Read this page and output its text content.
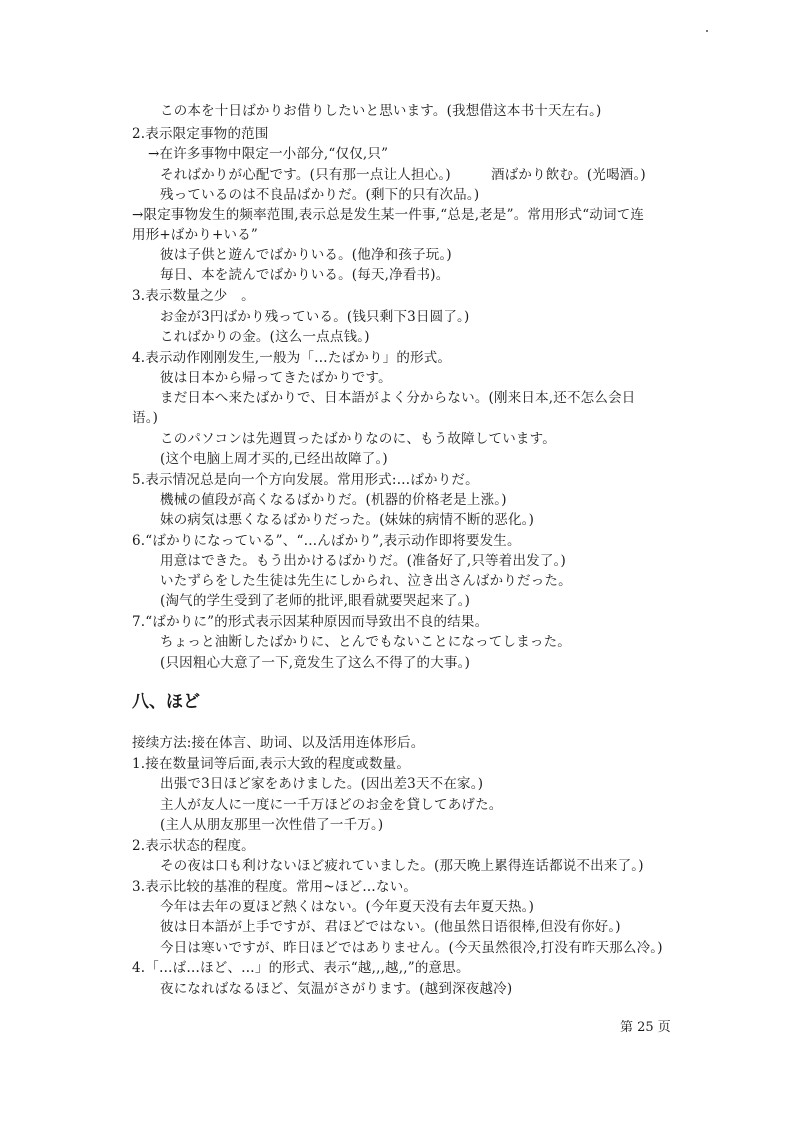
この本を十日ばかりお借りしたいと思います。(我想借这本书十天左右。)
2.表示限定事物的范围
→在许多事物中限定一小部分,“仅仅,只”
そればかりが心配です。(只有那一点让人担心。)	酒ばかり飲む。(光喝酒。)
残っているのは不良品ばかりだ。(剩下的只有次品。)
→限定事物发生的频率范围,表示总是发生某一件事,“总是,老是”。常用形式“动词て连
用形+ばかり+いる”
彼は子供と遊んでばかりいる。(他净和孩子玩。)
毎日、本を読んでばかりいる。(每天,净看书)。
3.表示数量之少　。
お金が3円ばかり残っている。(钱只剩下3日圆了。)
こればかりの金。(这么一点点钱。)
4.表示动作刚刚发生,一般为「…たばかり」的形式。
彼は日本から帰ってきたばかりです。
まだ日本へ来たばかりで、日本語がよく分からない。(刚来日本,还不怎么会日
语。)
このパソコンは先週買ったばかりなのに、もう故障しています。
(这个电脑上周才买的,已经出故障了。)
5.表示情况总是向一个方向发展。常用形式:…ばかりだ。
機械の値段が高くなるばかりだ。(机器的价格老是上涨。)
妹の病気は悪くなるばかりだった。(妹妹的病情不断的恶化。)
6.“ばかりになっている”、“…んばかり”,表示动作即将要发生。
用意はできた。もう出かけるばかりだ。(准备好了,只等着出发了。)
いたずらをした生徒は先生にしかられ、泣き出さんばかりだった。
(淘气的学生受到了老师的批评,眼看就要哭起来了。)
7.“ばかりに”的形式表示因某种原因而导致出不良的结果。
ちょっと油断したばかりに、とんでもないことになってしまった。
(只因粗心大意了一下,竟发生了这么不得了的大事。)
八、ほど
接续方法:接在体言、助词、以及活用连体形后。
1.接在数量词等后面,表示大致的程度或数量。
出張で3日ほど家をあけました。(因出差3天不在家。)
主人が友人に一度に一千万ほどのお金を貸してあげた。
(主人从朋友那里一次性借了一千万。)
2.表示状态的程度。
その夜は口も利けないほど疲れていました。(那天晚上累得连话都说不出来了。)
3.表示比较的基准的程度。常用~ほど…ない。
今年は去年の夏ほど熱くはない。(今年夏天没有去年夏天热。)
彼は日本語が上手ですが、君ほどではない。(他虽然日语很棒,但没有你好。)
今日は寒いですが、昨日ほどではありません。(今天虽然很冷,打没有昨天那么冷。)
4.「…ば…ほど、…」的形式、表示“越,,,越,,”的意思。
夜になればなるほど、気温がさがります。(越到深夜越冷)
第 25 页
